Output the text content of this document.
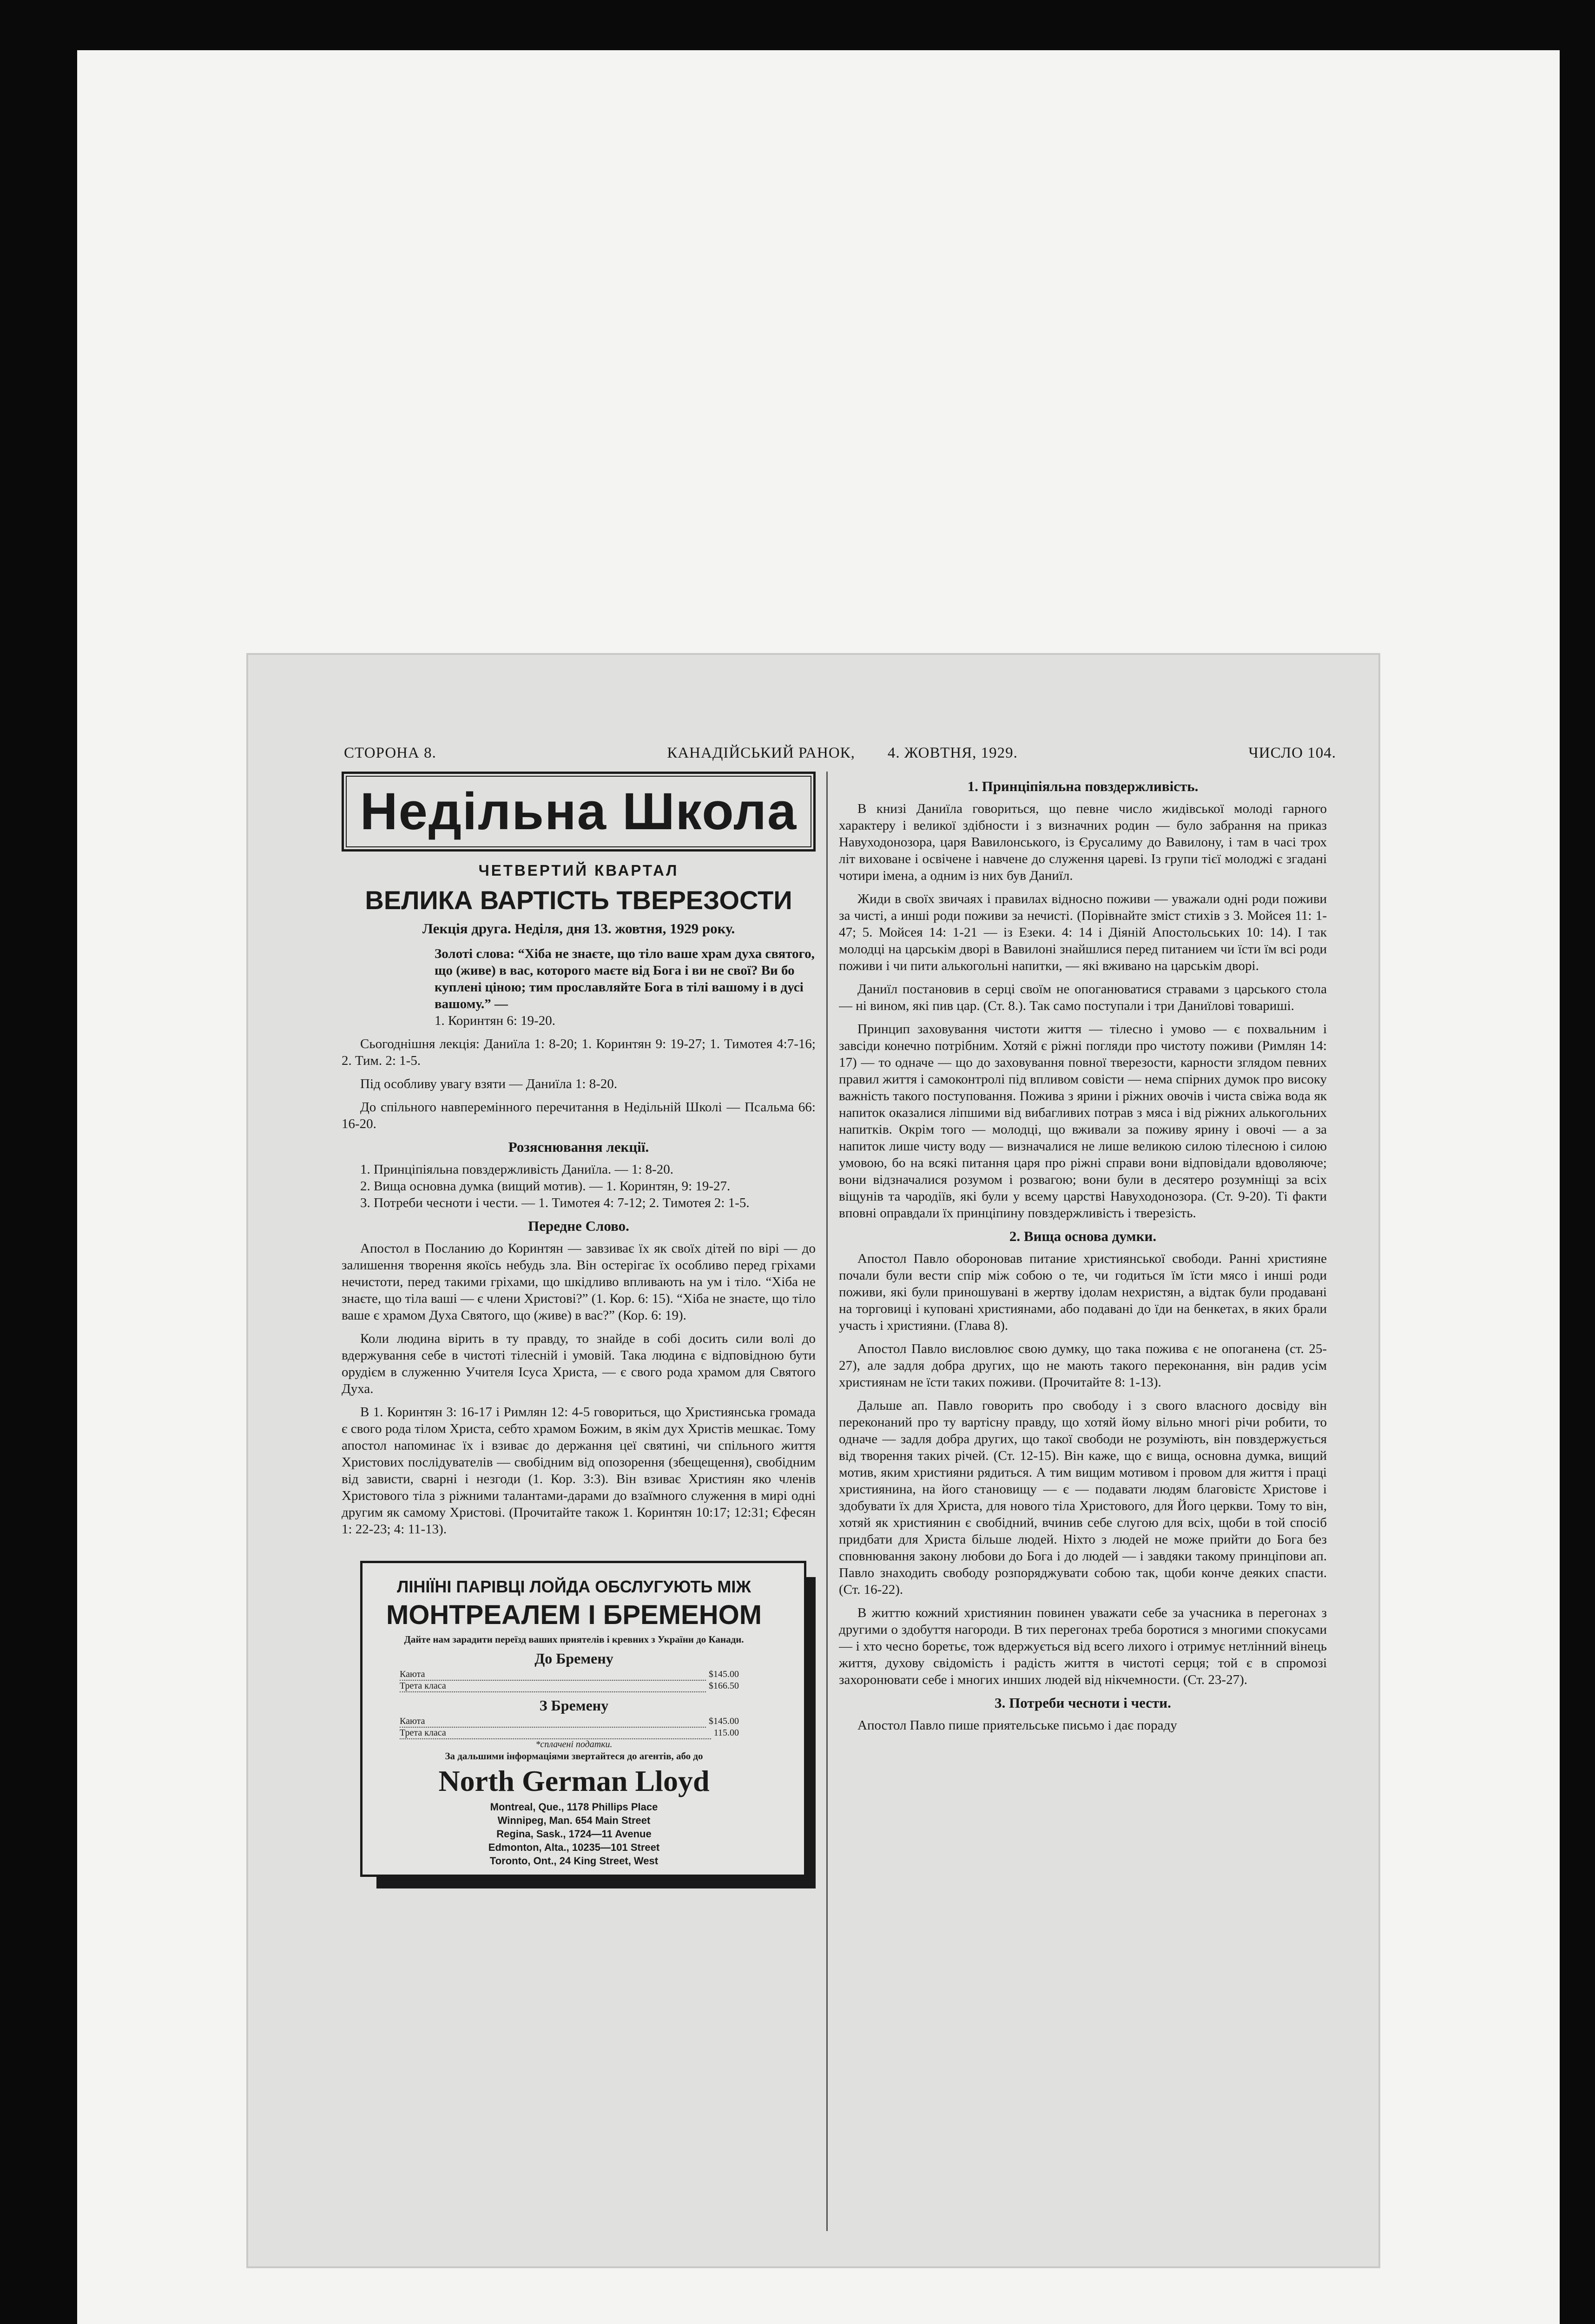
СТОРОНА 8.	КАНАДІЙСЬКИЙ РАНОК, 4. ЖОВТНЯ, 1929.	ЧИСЛО 104.
Недільна Школа
ЧЕТВЕРТИЙ КВАРТАЛ
ВЕЛИКА ВАРТІСТЬ ТВЕРЕЗОСТИ
Лекція друга. Неділя, дня 13. жовтня, 1929 року.
Золоті слова: “Хіба не знаєте, що тіло ваше храм духа святого, що (живе) в вас, которого маєте від Бога і ви не свої? Ви бо куплені ціною; тим прославляйте Бога в тілі вашому і в дусі вашому.” —
1. Коринтян 6: 19-20.

Сьогоднішня лекція: Даниїла 1: 8-20; 1. Коринтян 9: 19-27; 1. Тимотея 4:7-16; 2. Тим. 2: 1-5.

Під особливу увагу взяти — Даниїла 1: 8-20.

До спільного навперемінного перечитання в Недільній Школі — Псальма 66: 16-20.

Розяснювання лекції.
1. Принціпіяльна повздержливість Даниїла. — 1: 8-20.
2. Вища основна думка (вищий мотив). — 1. Коринтян, 9: 19-27.
3. Потреби чесноти і чести. — 1. Тимотея 4: 7-12; 2. Тимотея 2: 1-5.
Передне Слово.

Апостол в Посланию до Коринтян — завзиває їх як своїх дітей по вірі — до залишення творення якоїсь небудь зла. Він остерігає їх особливо перед гріхами нечистоти, перед такими гріхами, що шкідливо впливають на ум і тіло. “Хіба не знаєте, що тіла ваші — є члени Христові?” (1. Кор. 6: 15). “Хіба не знаєте, що тіло ваше є храмом Духа Святого, що (живе) в вас?” (Кор. 6: 19).

Коли людина вірить в ту правду, то знайде в собі досить сили волі до вдержування себе в чистоті тілесній і умовій. Така людина є відповідною бути орудієм в служенню Учителя Ісуса Христа, — є свого рода храмом для Святого Духа.

В 1. Коринтян 3: 16-17 і Римлян 12: 4-5 говориться, що Християнська громада є свого рода тілом Христа, себто храмом Божим, в якім дух Христів мешкає. Тому апостол напоминає їх і взиває до держання цеї святині, чи спільного життя Христових послідувателів — свобідним від опозорення (збещещення), свобідним від зависти, сварні і незгоди (1. Кор. 3:3). Він взиває Християн яко членів Христового тіла з ріжними талантами-дарами до взаїмного служення в мирі одні другим як самому Христові. (Прочитайте також 1. Коринтян 10:17; 12:31; Єфесян 1: 22-23; 4: 11-13).

ЛІНІЇНІ ПАРІВЦІ ЛОЙДА ОБСЛУГУЮТЬ МІЖ
МОНТРЕАЛЕМ І БРЕМЕНОМ
Дайте нам зарадити переїзд ваших приятелів і кревних з України до Канади.
До Бремену
Каюта	$145.00
Трета класа	$166.50
З Бремену
Каюта	$145.00
Трета класа	115.00
*сплачені податки.
За дальшими інформаціями звертайтеся до агентів, або до
North German Lloyd
Montreal, Que., 1178 Phillips Place
Winnipeg, Man. 654 Main Street
Regina, Sask., 1724—11 Avenue
Edmonton, Alta., 10235—101 Street
Toronto, Ont., 24 King Street, West
1. Принціпіяльна повздержливість.

В книзі Даниїла говориться, що певне число жидівської молоді гарного характеру і великої здібности і з визначних родин — було забрання на приказ Навуходонозора, царя Вавилонського, із Єрусалиму до Вавилону, і там в часі трох літ виховане і освічене і навчене до служення цареві. Із групи тієї молоджі є згадані чотири імена, а одним із них був Даниїл.

Жиди в своїх звичаях і правилах відносно поживи — уважали одні роди поживи за чисті, а инші роди поживи за нечисті. (Порівнайте зміст стихів з 3. Мойсея 11: 1-47; 5. Мойсея 14: 1-21 — із Езеки. 4: 14 і Діяній Апостольських 10: 14). І так молодці на царськім дворі в Вавилоні знайшлися перед питанием чи їсти їм всі роди поживи і чи пити алькогольні напитки, — які вживано на царськім дворі.

Даниїл постановив в серці своїм не опоганюватися стравами з царського стола — ні вином, які пив цар. (Ст. 8.). Так само поступали і три Даниїлові товариші.

Принцип заховування чистоти життя — тілесно і умово — є похвальним і завсіди конечно потрібним. Хотяй є ріжні погляди про чистоту поживи (Римлян 14: 17) — то одначе — що до заховування повної тверезости, карности зглядом певних правил життя і самоконтролі під впливом совісти — нема спірних думок про високу важність такого поступовання. Пожива з ярини і ріжних овочів і чиста свіжа вода як напиток оказалися ліпшими від вибагливих потрав з мяса і від ріжних алькогольних напитків. Окрім того — молодці, що вживали за поживу ярину і овочі — а за напиток лише чисту воду — визначалися не лише великою силою тілесною і силою умовою, бо на всякі питання царя про ріжні справи вони відповідали вдоволяюче; вони відзначалися розумом і розвагою; вони були в десятеро розумніщі за всіх віщунів та чародіїв, які були у всему царстві Навуходонозора. (Ст. 9-20). Ті факти вповні оправдали їх принціпину повздержливість і тверезість.

2. Вища основа думки.

Апостол Павло обороновав питание християнської свободи. Ранні християне почали були вести спір між собою о те, чи годиться їм їсти мясо і инші роди поживи, які були приношувані в жертву ідолам нехристян, а відтак були продавані на торговиці і куповані християнами, або подавані до їди на бенкетах, в яких брали участь і християни. (Глава 8).

Апостол Павло висловлює свою думку, що така пожива є не опоганена (ст. 25-27), але задля добра других, що не мають такого переконання, він радив усім християнам не їсти таких поживи. (Прочитайте 8: 1-13).

Дальше ап. Павло говорить про свободу і з свого власного досвіду він переконаний про ту вартісну правду, що хотяй йому вільно многі річи робити, то одначе — задля добра других, що такої свободи не розуміють, він повздержується від творення таких річей. (Ст. 12-15). Він каже, що є вища, основна думка, вищий мотив, яким християни рядиться. А тим вищим мотивом і провом для життя і праці християнина, на його становищу — є — подавати людям благовістє Христове і здобувати їх для Христа, для нового тіла Христового, для Його церкви. Тому то він, хотяй як християнин є свобідний, вчинив себе слугою для всіх, щоби в той спосіб придбати для Христа більше людей. Ніхто з людей не може прийти до Бога без сповнювання закону любови до Бога і до людей — і завдяки такому принціпови ап. Павло знаходить свободу розпоряджувати собою так, щоби конче деяких спасти. (Ст. 16-22).

В життю кожний християнин повинен уважати себе за учасника в перегонах з другими о здобуття нагороди. В тих перегонах треба боротися з многими спокусами — і хто чесно боретьє, тож вдержується від всего лихого і отримує нетлінний вінець життя, духову свідомість і радість життя в чистоті серця; той є в спромозі захоронювати себе і многих инших людей від нікчемности. (Ст. 23-27).

3. Потреби чесноти і чести.

Апостол Павло пише приятельське письмо і дає пораду
